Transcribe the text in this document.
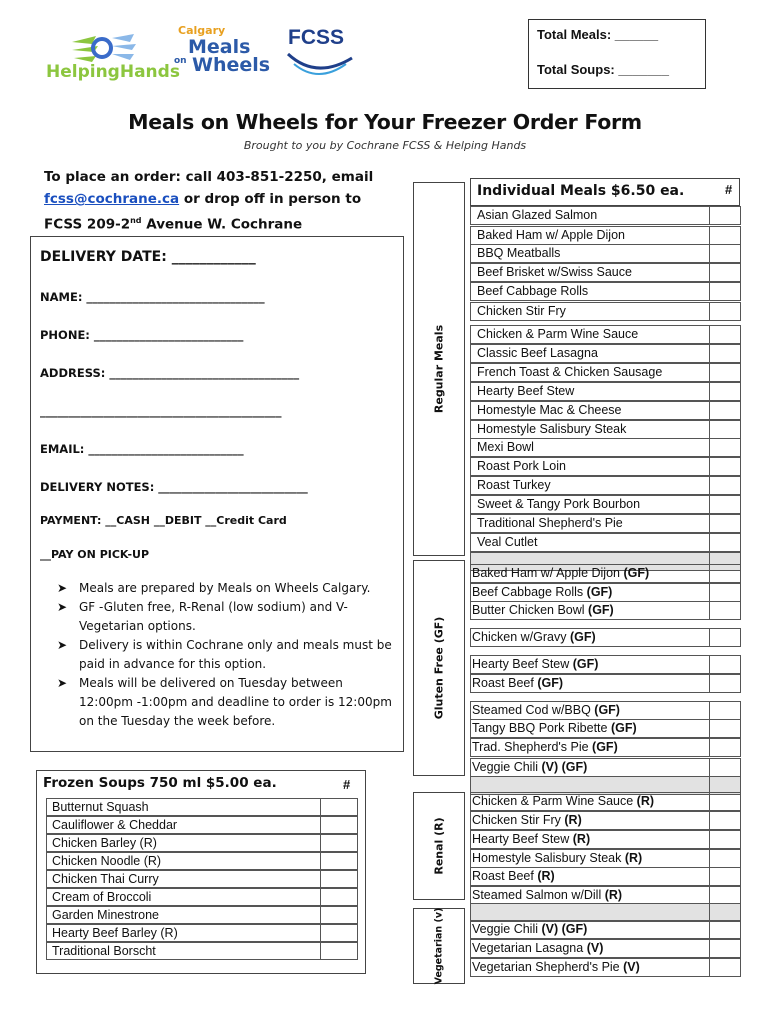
HelpingHands
Calgary
Meals
on Wheels
FCSS	Total Meals: ______
Total Soups: _______
Meals on Wheels for Your Freezer Order Form
Brought to you by Cochrane FCSS & Helping Hands
To place an order: call 403-851-2250, email
fcss@cochrane.ca or drop off in person to
FCSS 209-2nd Avenue W. Cochrane
DELIVERY DATE: ____________
NAME: _______________________________
PHONE: __________________________
ADDRESS: _________________________________
__________________________________________
EMAIL: ___________________________
DELIVERY NOTES: __________________________
PAYMENT: __CASH __DEBIT __Credit Card
__PAY ON PICK-UP
➤ Meals are prepared by Meals on Wheels Calgary.
➤ GF -Gluten free, R-Renal (low sodium) and V-Vegetarian options.
➤ Delivery is within Cochrane only and meals must be paid in advance for this option.
➤ Meals will be delivered on Tuesday between 12:00pm -1:00pm and deadline to order is 12:00pm on the Tuesday the week before.
Frozen Soups 750 ml $5.00 ea.	#
Butternut Squash
Cauliflower & Cheddar
Chicken Barley (R)
Chicken Noodle (R)
Chicken Thai Curry
Cream of Broccoli
Garden Minestrone
Hearty Beef Barley (R)
Traditional Borscht
Regular Meals
Gluten Free (GF)
Renal (R)
Vegetarian (v)
Individual Meals $6.50 ea.	#
Asian Glazed Salmon
Baked Ham w/ Apple Dijon
BBQ Meatballs
Beef Brisket w/Swiss Sauce
Beef Cabbage Rolls
Chicken Stir Fry
Chicken & Parm Wine Sauce
Classic Beef Lasagna
French Toast & Chicken Sausage
Hearty Beef Stew
Homestyle Mac & Cheese
Homestyle Salisbury Steak
Mexi Bowl
Roast Pork Loin
Roast Turkey
Sweet & Tangy Pork Bourbon
Traditional Shepherd's Pie
Veal Cutlet
Baked Ham w/ Apple Dijon (GF)
Beef Cabbage Rolls (GF)
Butter Chicken Bowl (GF)
Chicken w/Gravy (GF)
Hearty Beef Stew (GF)
Roast Beef (GF)
Steamed Cod w/BBQ (GF)
Tangy BBQ Pork Ribette (GF)
Trad. Shepherd's Pie (GF)
Veggie Chili (V) (GF)
Chicken & Parm Wine Sauce (R)
Chicken Stir Fry (R)
Hearty Beef Stew (R)
Homestyle Salisbury Steak (R)
Roast Beef (R)
Steamed Salmon w/Dill (R)
Veggie Chili (V) (GF)
Vegetarian Lasagna (V)
Vegetarian Shepherd's Pie (V)
